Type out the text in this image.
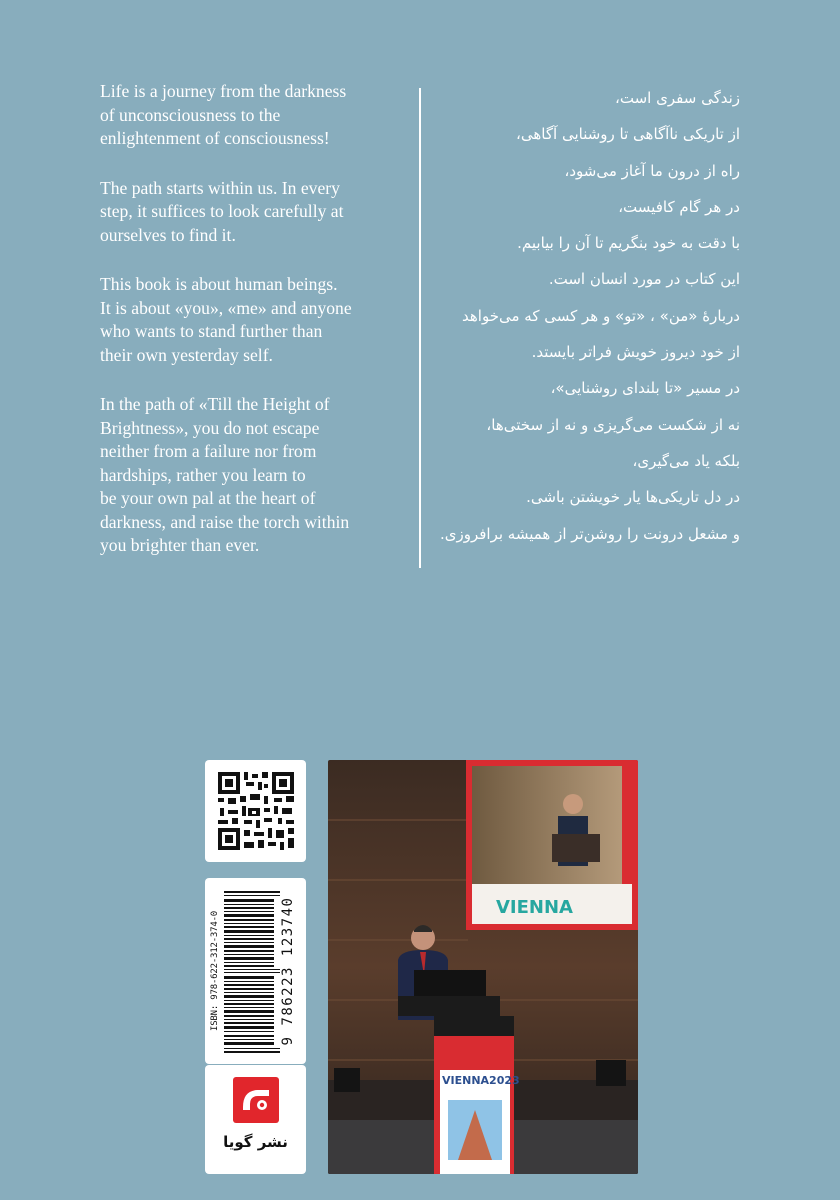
Life is a journey from the darkness
of unconsciousness to the
enlightenment of consciousness!

The path starts within us. In every
step, it suffices to look carefully at
ourselves to find it.

This book is about human beings.
It is about «you», «me» and anyone
who wants to stand further than
their own yesterday self.

In the path of «Till the Height of
Brightness», you do not escape
neither from a failure nor from
hardships, rather you learn to
be your own pal at the heart of
darkness, and raise the torch within
you brighter than ever.

زندگی سفری است،
از تاریکی ناآگاهی تا روشنایی آگاهی،
راه از درون ما آغاز می‌شود،
در هر گام کافیست،
با دقت به خود بنگریم تا آن را بیابیم.
این کتاب در مورد انسان است.
دربارهٔ «من» ، «تو» و هر کسی که می‌خواهد
از خود دیروز خویش فراتر بایستد.
در مسیر «تا بلندای روشنایی»،
نه از شکست می‌گریزی و نه از سختی‌ها،
بلکه یاد می‌گیری،
در دل تاریکی‌ها یار خویشتن باشی.
و مشعل درونت را روشن‌تر از همیشه برافروزی.
ISBN: 978-622-312-374-0	9 786223 123740
نشر گویا
VIENNA
VIENNA2023
